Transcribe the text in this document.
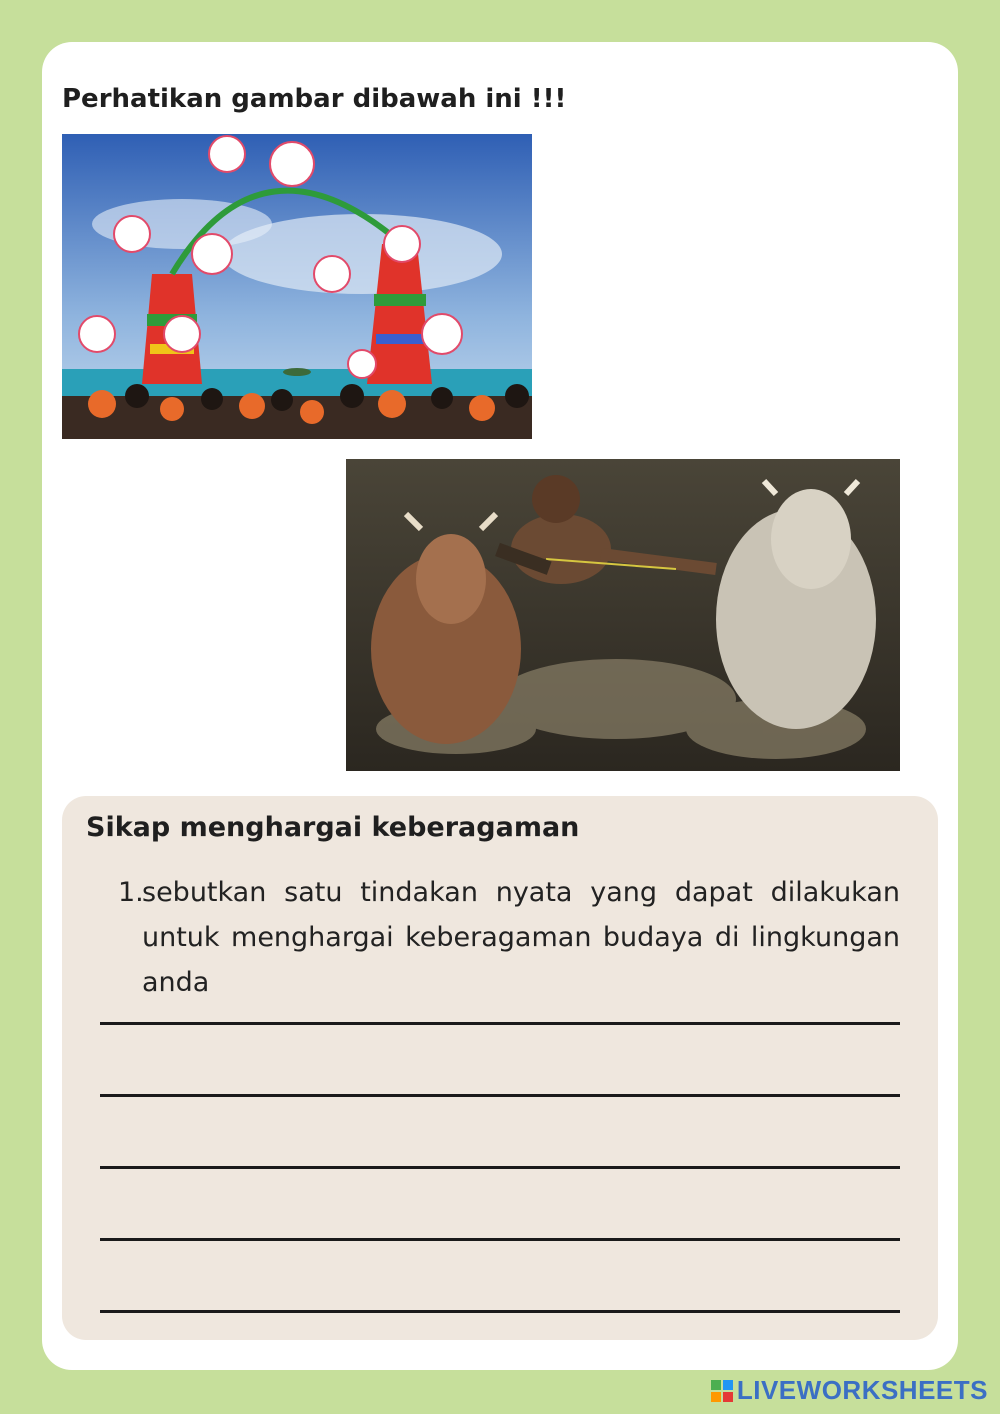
Perhatikan gambar dibawah ini !!!
Sikap menghargai keberagaman
1.
sebutkan satu tindakan nyata yang dapat dilakukan untuk menghargai keberagaman budaya di lingkungan anda
LIVEWORKSHEETS
